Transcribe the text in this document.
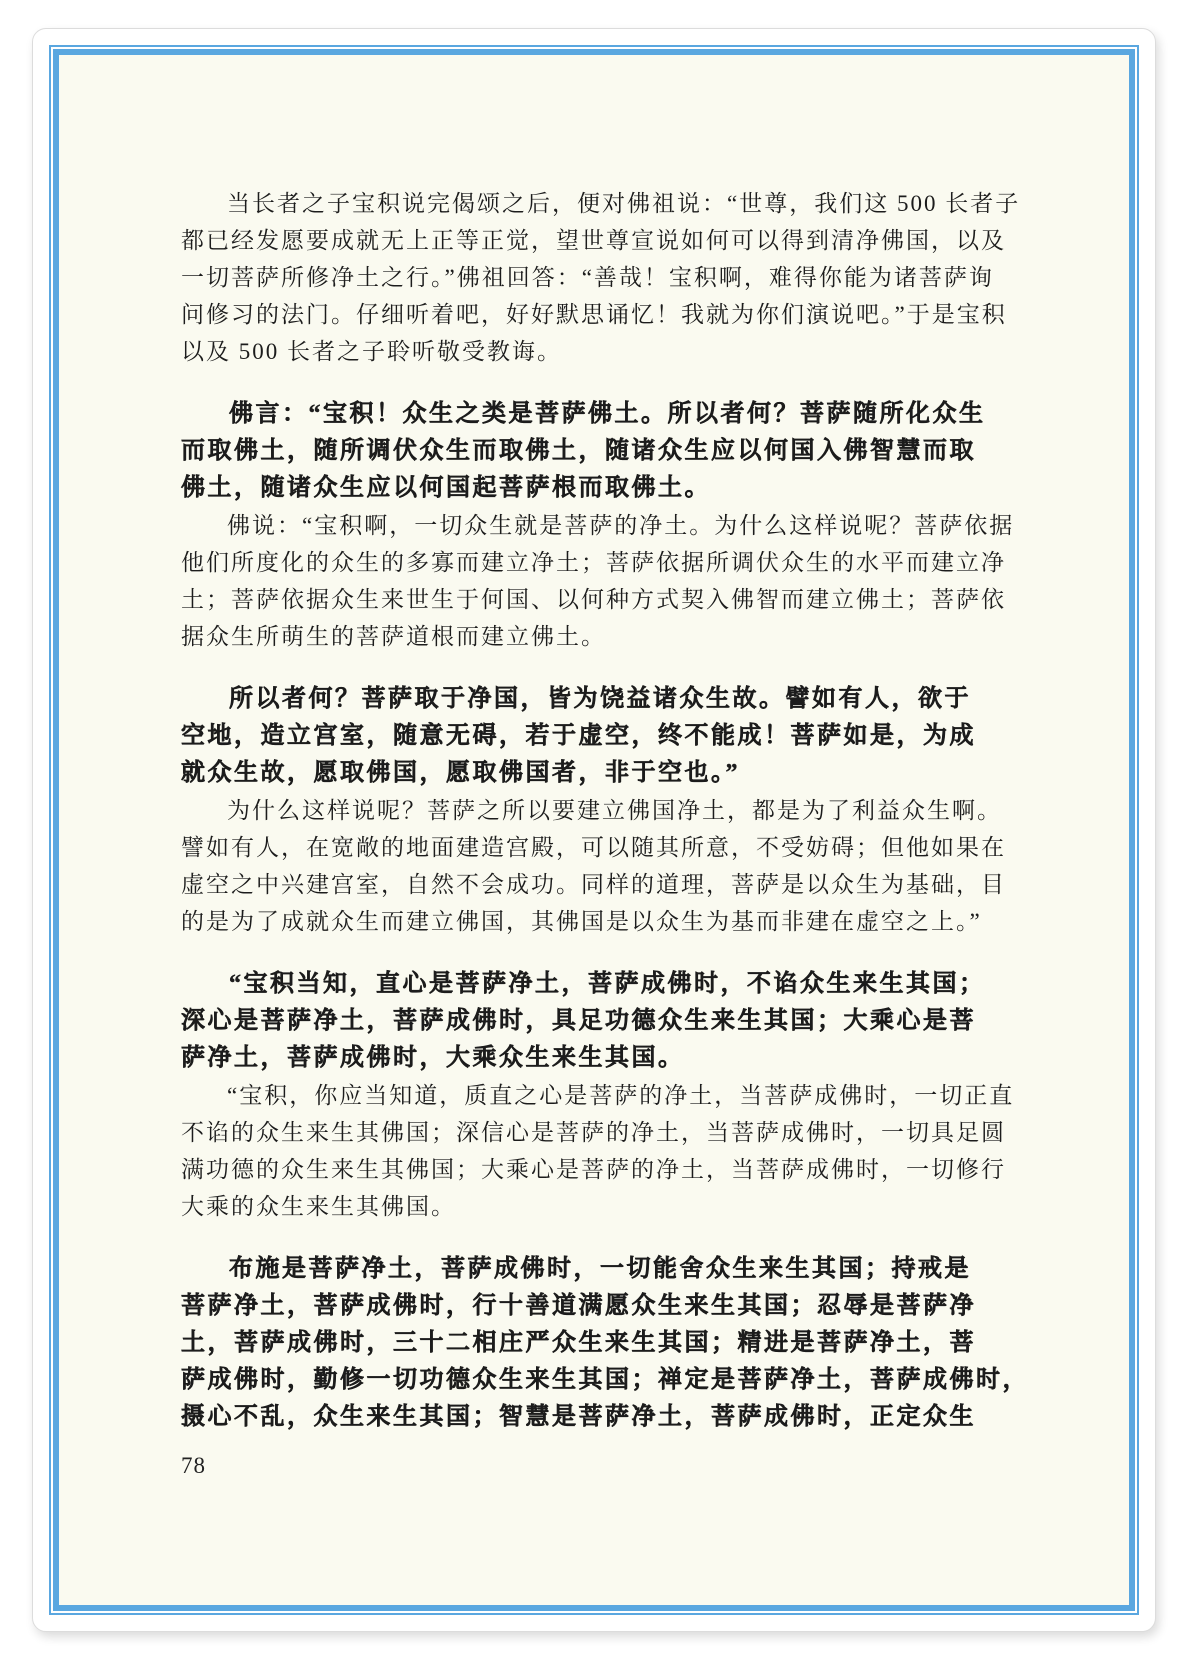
当长者之子宝积说完偈颂之后，便对佛祖说：“世尊，我们这 500 长者子
都已经发愿要成就无上正等正觉，望世尊宣说如何可以得到清净佛国，以及
一切菩萨所修净土之行。”佛祖回答：“善哉！宝积啊，难得你能为诸菩萨询
问修习的法门。仔细听着吧，好好默思诵忆！我就为你们演说吧。”于是宝积
以及 500 长者之子聆听敬受教诲。
佛言：“宝积！众生之类是菩萨佛土。所以者何？菩萨随所化众生
而取佛土，随所调伏众生而取佛土，随诸众生应以何国入佛智慧而取
佛土，随诸众生应以何国起菩萨根而取佛土。
佛说：“宝积啊，一切众生就是菩萨的净土。为什么这样说呢？菩萨依据
他们所度化的众生的多寡而建立净土；菩萨依据所调伏众生的水平而建立净
土；菩萨依据众生来世生于何国、以何种方式契入佛智而建立佛土；菩萨依
据众生所萌生的菩萨道根而建立佛土。
所以者何？菩萨取于净国，皆为饶益诸众生故。譬如有人，欲于
空地，造立宫室，随意无碍，若于虚空，终不能成！菩萨如是，为成
就众生故，愿取佛国，愿取佛国者，非于空也。”
为什么这样说呢？菩萨之所以要建立佛国净土，都是为了利益众生啊。
譬如有人，在宽敞的地面建造宫殿，可以随其所意，不受妨碍；但他如果在
虚空之中兴建宫室，自然不会成功。同样的道理，菩萨是以众生为基础，目
的是为了成就众生而建立佛国，其佛国是以众生为基而非建在虚空之上。”
“宝积当知，直心是菩萨净土，菩萨成佛时，不谄众生来生其国；
深心是菩萨净土，菩萨成佛时，具足功德众生来生其国；大乘心是菩
萨净土，菩萨成佛时，大乘众生来生其国。
“宝积，你应当知道，质直之心是菩萨的净土，当菩萨成佛时，一切正直
不谄的众生来生其佛国；深信心是菩萨的净土，当菩萨成佛时，一切具足圆
满功德的众生来生其佛国；大乘心是菩萨的净土，当菩萨成佛时，一切修行
大乘的众生来生其佛国。
布施是菩萨净土，菩萨成佛时，一切能舍众生来生其国；持戒是
菩萨净土，菩萨成佛时，行十善道满愿众生来生其国；忍辱是菩萨净
土，菩萨成佛时，三十二相庄严众生来生其国；精进是菩萨净土，菩
萨成佛时，勤修一切功德众生来生其国；禅定是菩萨净土，菩萨成佛时，
摄心不乱，众生来生其国；智慧是菩萨净土，菩萨成佛时，正定众生
78
